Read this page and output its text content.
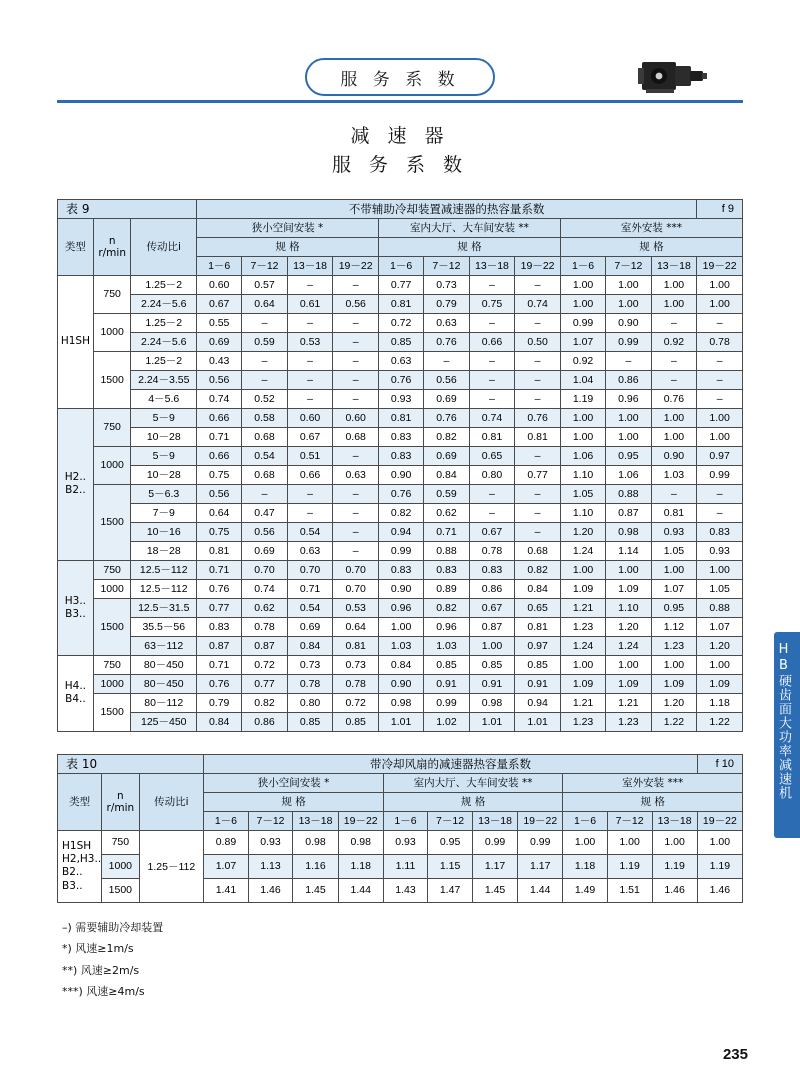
服 务 系 数
减 速 器
服 务 系 数
表 9			不带辅助冷却装置减速器的热容量系数											f 9
类型	n
r/min	传动比i	狭小空间安装 *				室内大厅、大车间安装 **				室外安装 ***			
			规 格				规 格				规 格			
			1－6	7－12	13－18	19－22	1－6	7－12	13－18	19－22	1－6	7－12	13－18	19－22
H1SH	750	1.25－2	0.60	0.57	–	–	0.77	0.73	–	–	1.00	1.00	1.00	1.00
		2.24－5.6	0.67	0.64	0.61	0.56	0.81	0.79	0.75	0.74	1.00	1.00	1.00	1.00
	1000	1.25－2	0.55	–	–	–	0.72	0.63	–	–	0.99	0.90	–	–
		2.24－5.6	0.69	0.59	0.53	–	0.85	0.76	0.66	0.50	1.07	0.99	0.92	0.78
	1500	1.25－2	0.43	–	–	–	0.63	–	–	–	0.92	–	–	–
		2.24－3.55	0.56	–	–	–	0.76	0.56	–	–	1.04	0.86	–	–
		4－5.6	0.74	0.52	–	–	0.93	0.69	–	–	1.19	0.96	0.76	–
H2..
B2..	750	5－9	0.66	0.58	0.60	0.60	0.81	0.76	0.74	0.76	1.00	1.00	1.00	1.00
		10－28	0.71	0.68	0.67	0.68	0.83	0.82	0.81	0.81	1.00	1.00	1.00	1.00
	1000	5－9	0.66	0.54	0.51	–	0.83	0.69	0.65	–	1.06	0.95	0.90	0.97
		10－28	0.75	0.68	0.66	0.63	0.90	0.84	0.80	0.77	1.10	1.06	1.03	0.99
	1500	5－6.3	0.56	–	–	–	0.76	0.59	–	–	1.05	0.88	–	–
		7－9	0.64	0.47	–	–	0.82	0.62	–	–	1.10	0.87	0.81	–
		10－16	0.75	0.56	0.54	–	0.94	0.71	0.67	–	1.20	0.98	0.93	0.83
		18－28	0.81	0.69	0.63	–	0.99	0.88	0.78	0.68	1.24	1.14	1.05	0.93
H3..
B3..	750	12.5－112	0.71	0.70	0.70	0.70	0.83	0.83	0.83	0.82	1.00	1.00	1.00	1.00
	1000	12.5－112	0.76	0.74	0.71	0.70	0.90	0.89	0.86	0.84	1.09	1.09	1.07	1.05
	1500	12.5－31.5	0.77	0.62	0.54	0.53	0.96	0.82	0.67	0.65	1.21	1.10	0.95	0.88
		35.5－56	0.83	0.78	0.69	0.64	1.00	0.96	0.87	0.81	1.23	1.20	1.12	1.07
		63－112	0.87	0.87	0.84	0.81	1.03	1.03	1.00	0.97	1.24	1.24	1.23	1.20
H4..
B4..	750	80－450	0.71	0.72	0.73	0.73	0.84	0.85	0.85	0.85	1.00	1.00	1.00	1.00
	1000	80－450	0.76	0.77	0.78	0.78	0.90	0.91	0.91	0.91	1.09	1.09	1.09	1.09
	1500	80－112	0.79	0.82	0.80	0.72	0.98	0.99	0.98	0.94	1.21	1.21	1.20	1.18
		125－450	0.84	0.86	0.85	0.85	1.01	1.02	1.01	1.01	1.23	1.23	1.22	1.22
表 10			带冷却风扇的减速器热容量系数											f 10
类型	n
r/min	传动比i	狭小空间安装 *				室内大厅、大车间安装 **				室外安装 ***			
			规 格				规 格				规 格			
			1－6	7－12	13－18	19－22	1－6	7－12	13－18	19－22	1－6	7－12	13－18	19－22
H1SH
H2,H3..
B2..
B3..	750	1.25－112	0.89	0.93	0.98	0.98	0.93	0.95	0.99	0.99	1.00	1.00	1.00	1.00
	1000		1.07	1.13	1.16	1.18	1.11	1.15	1.17	1.17	1.18	1.19	1.19	1.19
	1500		1.41	1.46	1.45	1.44	1.43	1.47	1.45	1.44	1.49	1.51	1.46	1.46
–) 需要辅助冷却装置
*) 风速≥1m/s
**) 风速≥2m/s
***) 风速≥4m/s
HB硬齿面大功率减速机
235
